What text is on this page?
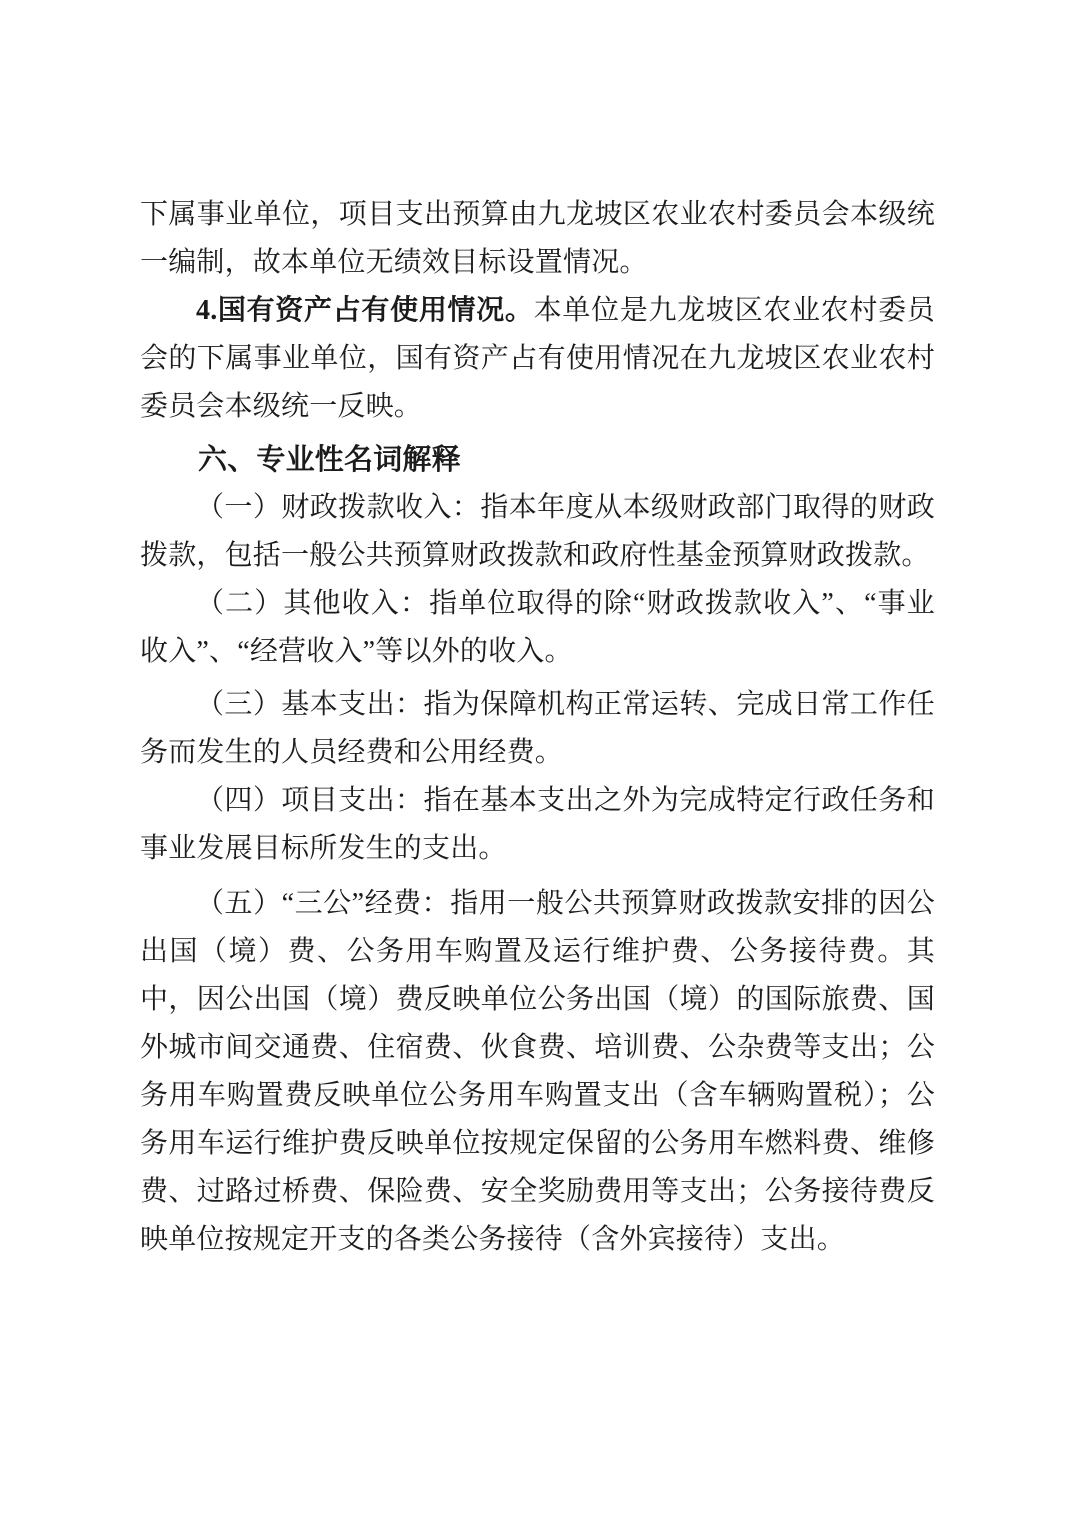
下属事业单位，项目支出预算由九龙坡区农业农村委员会本级统一编制，故本单位无绩效目标设置情况。

4.国有资产占有使用情况。本单位是九龙坡区农业农村委员会的下属事业单位，国有资产占有使用情况在九龙坡区农业农村委员会本级统一反映。

六、专业性名词解释

（一）财政拨款收入：指本年度从本级财政部门取得的财政拨款，包括一般公共预算财政拨款和政府性基金预算财政拨款。

（二）其他收入：指单位取得的除“财政拨款收入”、“事业收入”、“经营收入”等以外的收入。

（三）基本支出：指为保障机构正常运转、完成日常工作任务而发生的人员经费和公用经费。

（四）项目支出：指在基本支出之外为完成特定行政任务和事业发展目标所发生的支出。

（五）“三公”经费：指用一般公共预算财政拨款安排的因公出国（境）费、公务用车购置及运行维护费、公务接待费。其中，因公出国（境）费反映单位公务出国（境）的国际旅费、国外城市间交通费、住宿费、伙食费、培训费、公杂费等支出；公务用车购置费反映单位公务用车购置支出（含车辆购置税）；公务用车运行维护费反映单位按规定保留的公务用车燃料费、维修费、过路过桥费、保险费、安全奖励费用等支出；公务接待费反映单位按规定开支的各类公务接待（含外宾接待）支出。
